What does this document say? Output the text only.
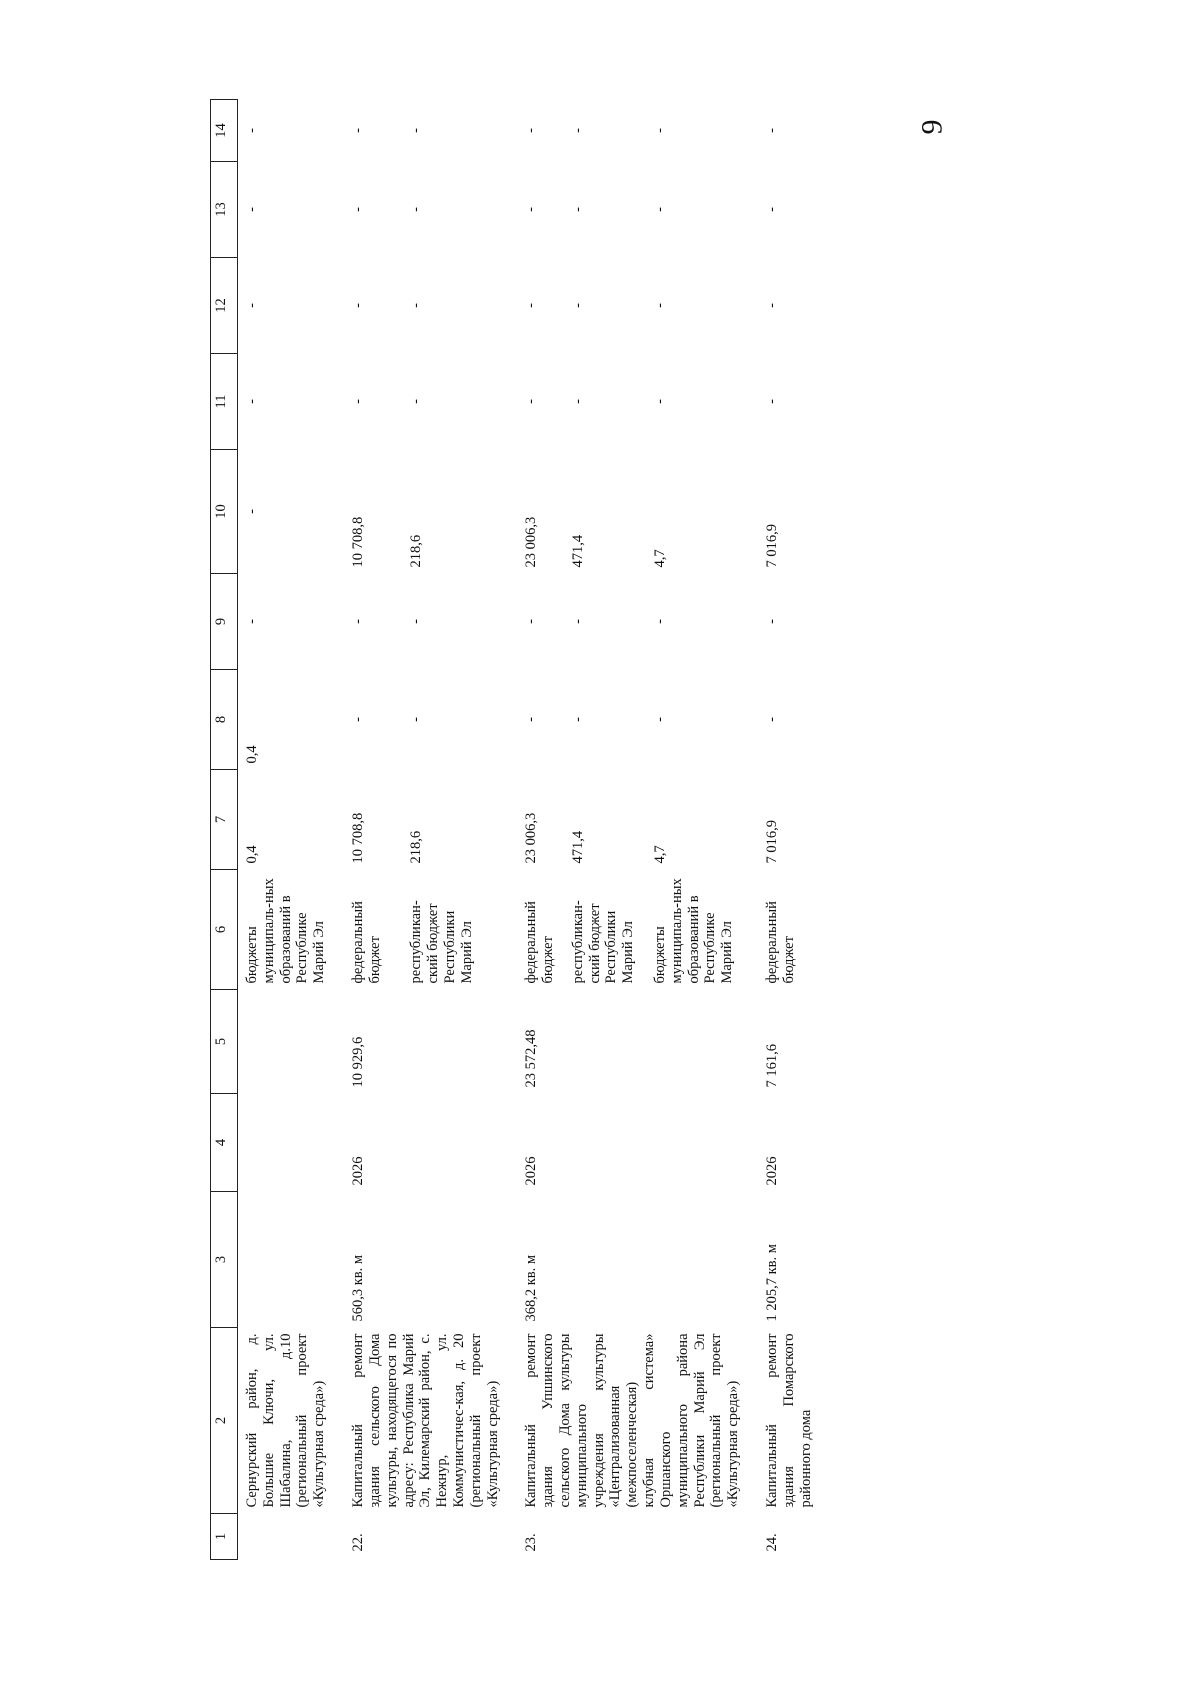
9
1	2	3	4	5	6	7	8	9	10	11	12	13	14
	Сернурский район, д. Большие Ключи, ул. Шабалина, д.10 (региональный проект «Культурная среда»)				бюджеты муниципаль-ных образований в Республике Марий Эл	0,4	0,4	-	-	-	-	-	-

22.	Капитальный ремонт здания сельского Дома культуры, находящегося по адресу: Республика Марий Эл, Килемарский район, с. Нежнур, ул. Коммунистичес-кая, д. 20 (региональный проект «Культурная среда»)	560,3 кв. м	2026	10 929,6	федеральный бюджет	10 708,8	-	-	10 708,8	-	-	-	-
					республикан-ский бюджет Республики Марий Эл	218,6	-	-	218,6	-	-	-	-

23.	Капитальный ремонт здания Упшинского сельского Дома культуры муниципального учреждения культуры «Централизованная (межпоселенческая) клубная система» Оршанского муниципального района Республики Марий Эл (региональный проект «Культурная среда»)	368,2 кв. м	2026	23 572,48	федеральный бюджет	23 006,3	-	-	23 006,3	-	-	-	-
					республикан-ский бюджет Республики Марий Эл	471,4	-	-	471,4	-	-	-	-
					бюджеты муниципаль-ных образований в Республике Марий Эл	4,7	-	-	4,7	-	-	-	-

24.	Капитальный ремонт здания Помарского районного дома	1 205,7 кв. м	2026	7 161,6	федеральный бюджет	7 016,9	-	-	7 016,9	-	-	-	-
